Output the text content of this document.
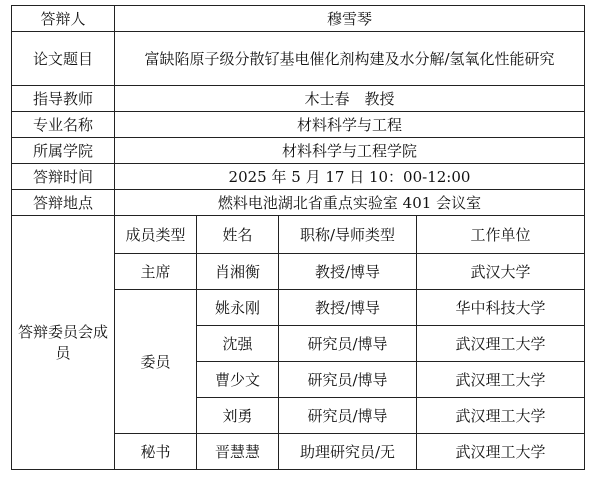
答辩人	穆雪琴			
论文题目	富缺陷原子级分散钌基电催化剂构建及水分解/氢氧化性能研究			
指导教师	木士春　教授			
专业名称	材料科学与工程			
所属学院	材料科学与工程学院			
答辩时间	2025 年 5 月 17 日 10：00-12:00			
答辩地点	燃料电池湖北省重点实验室 401 会议室			
答辩委员会成员	成员类型	姓名	职称/导师类型	工作单位
	主席	肖湘衡	教授/博导	武汉大学
	委员	姚永刚	教授/博导	华中科技大学
		沈强	研究员/博导	武汉理工大学
		曹少文	研究员/博导	武汉理工大学
		刘勇	研究员/博导	武汉理工大学
	秘书	晋慧慧	助理研究员/无	武汉理工大学
